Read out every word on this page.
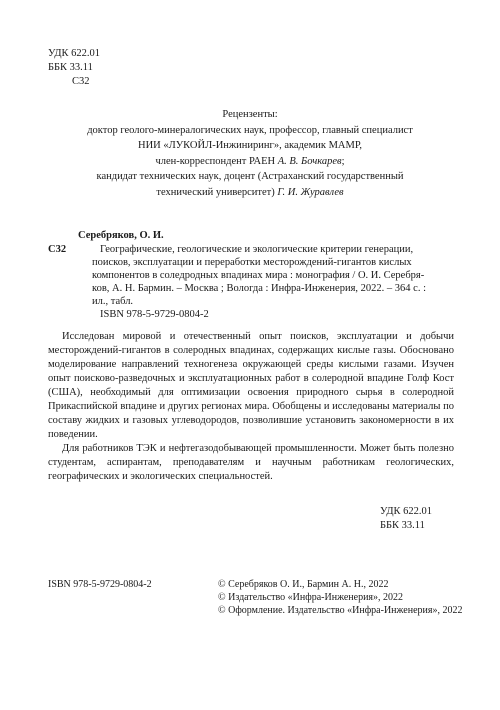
УДК 622.01
ББК 33.11
С32
Рецензенты:
доктор геолого-минералогических наук, профессор, главный специалист
НИИ «ЛУКОЙЛ-Инжиниринг», академик МАМР,
член-корреспондент РАЕН А. В. Бочкарев;
кандидат технических наук, доцент (Астраханский государственный
технический университет) Г. И. Журавлев
Серебряков, О. И.
С32	Географические, геологические и экологические критерии генерации,
поисков, эксплуатации и переработки месторождений-гигантов кислых
компонентов в соледродных впадинах мира : монография / О. И. Серебря-
ков, А. Н. Бармин. – Москва ; Вологда : Инфра-Инженерия, 2022. – 364 с. :
ил., табл.
ISBN 978-5-9729-0804-2
Исследован мировой и отечественный опыт поисков, эксплуатации и добычи месторождений-гигантов в солеродных впадинах, содержащих кислые газы. Обосновано моделирование направлений техногенеза окружающей среды кислыми газами. Изучен опыт поисково-разведочных и эксплуатационных работ в солеродной впадине Голф Кост (США), необходимый для оптимизации освоения природного сырья в солеродной Прикаспийской впадине и других регионах мира. Обобщены и исследованы материалы по составу жидких и газовых углеводородов, позволившие установить закономерности в их поведении.
Для работников ТЭК и нефтегазодобывающей промышленности. Может быть полезно студентам, аспирантам, преподавателям и научным работникам геологических, географических и экологических специальностей.
УДК 622.01
ББК 33.11
ISBN 978-5-9729-0804-2	© Серебряков О. И., Бармин А. Н., 2022
© Издательство «Инфра-Инженерия», 2022
© Оформление. Издательство «Инфра-Инженерия», 2022
